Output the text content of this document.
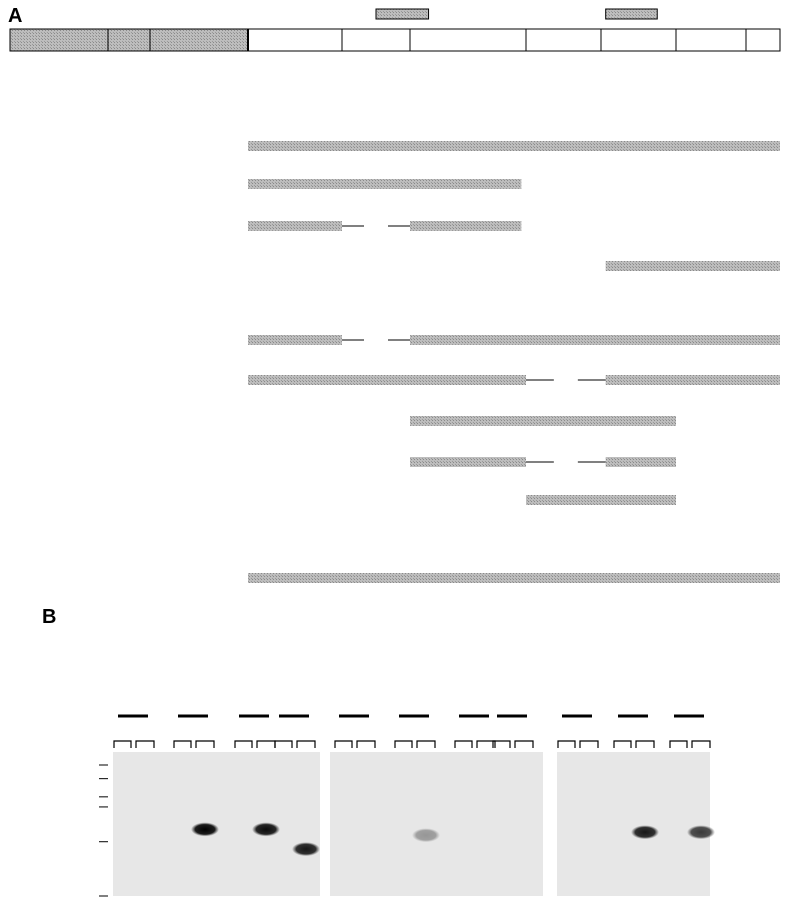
A
B
